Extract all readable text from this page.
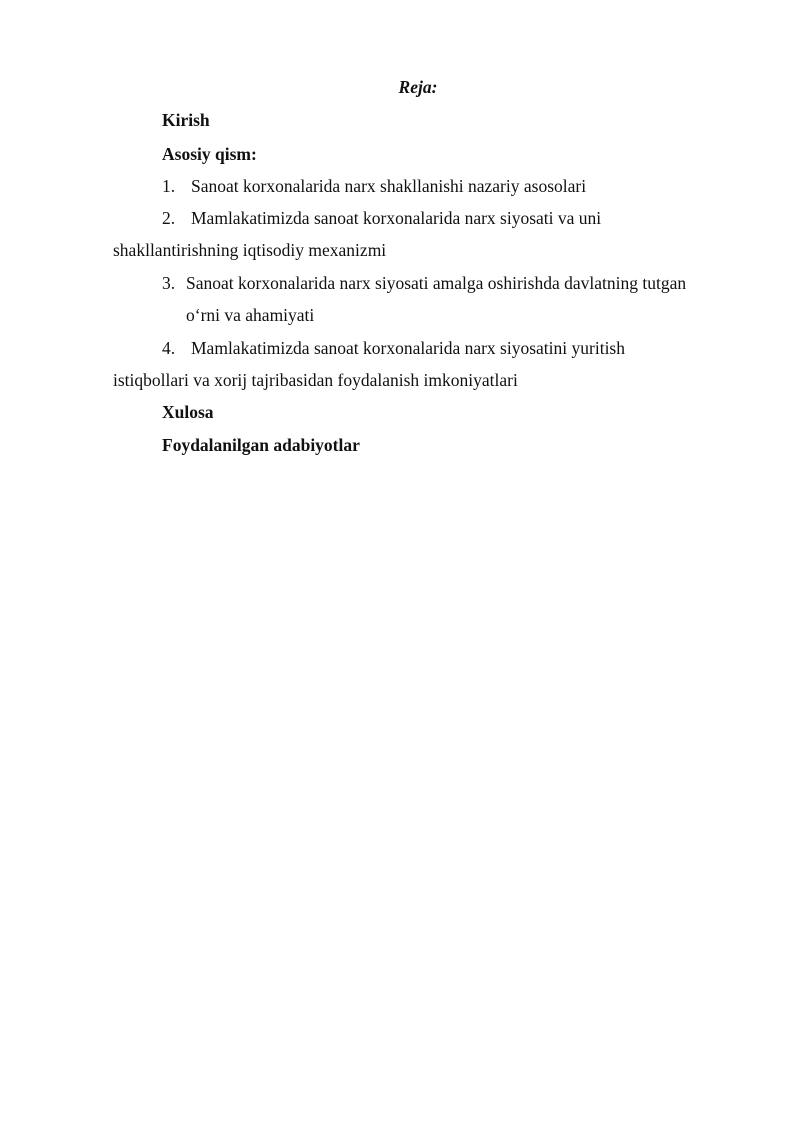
Reja:
Kirish
Asosiy qism:
1. Sanoat korxonalarida narx shakllanishi nazariy asosolari
2. Mamlakatimizda sanoat korxonalarida narx siyosati va uni
shakllantirishning iqtisodiy mexanizmi
3. Sanoat korxonalarida narx siyosati amalga oshirishda davlatning tutgan
o‘rni va ahamiyati
4. Mamlakatimizda sanoat korxonalarida narx siyosatini yuritish
istiqbollari va xorij tajribasidan foydalanish imkoniyatlari
Xulosa
Foydalanilgan adabiyotlar
